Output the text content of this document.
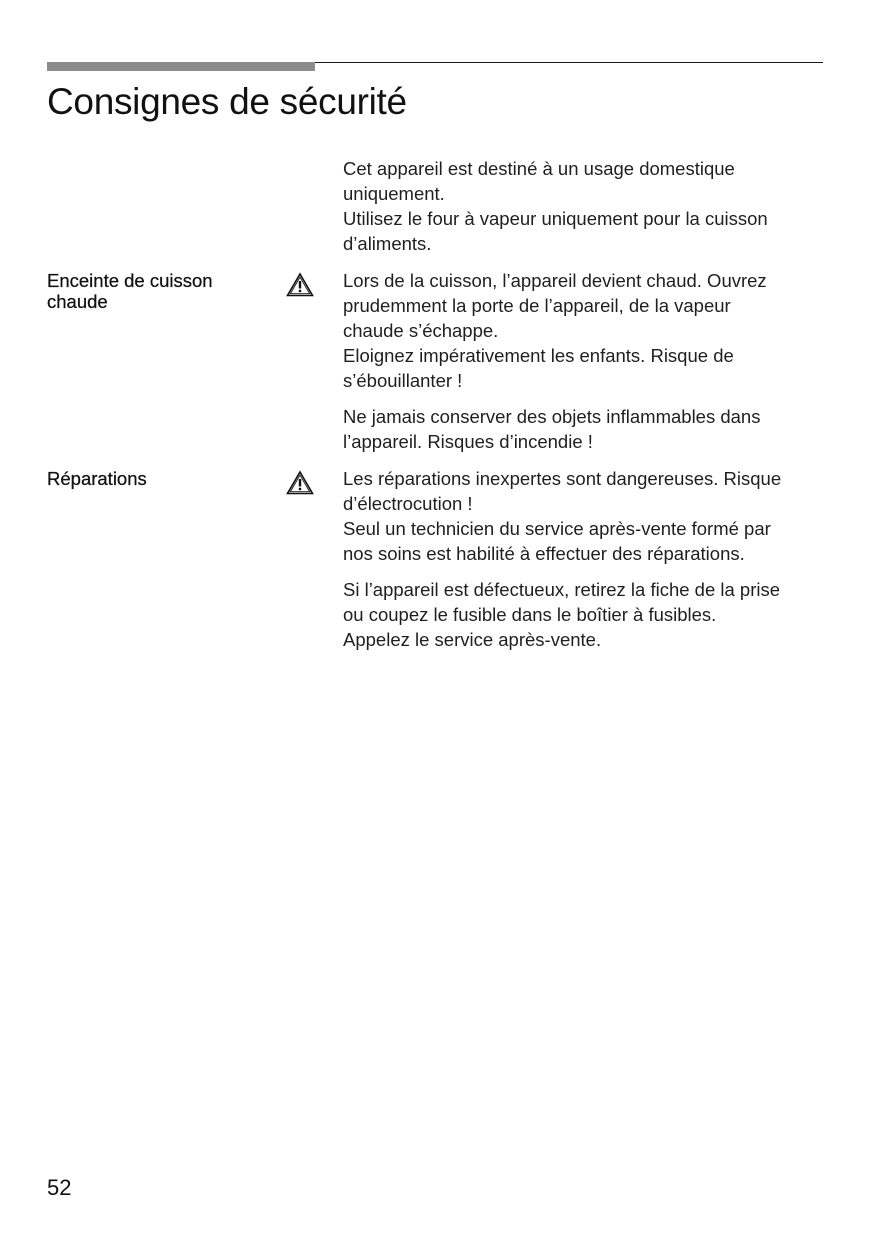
Consignes de sécurité

Cet appareil est destiné à un usage domestique
uniquement.
Utilisez le four à vapeur uniquement pour la cuisson
d’aliments.

Enceinte de cuisson chaude

Lors de la cuisson, l’appareil devient chaud. Ouvrez
prudemment la porte de l’appareil, de la vapeur
chaude s’échappe.
Eloignez impérativement les enfants. Risque de
s’ébouillanter !

Ne jamais conserver des objets inflammables dans
l’appareil. Risques d’incendie !

Réparations	Les réparations inexpertes sont dangereuses. Risque
d’électrocution !
Seul un technicien du service après-vente formé par
nos soins est habilité à effectuer des réparations.

Si l’appareil est défectueux, retirez la fiche de la prise
ou coupez le fusible dans le boîtier à fusibles.
Appelez le service après-vente.

52
